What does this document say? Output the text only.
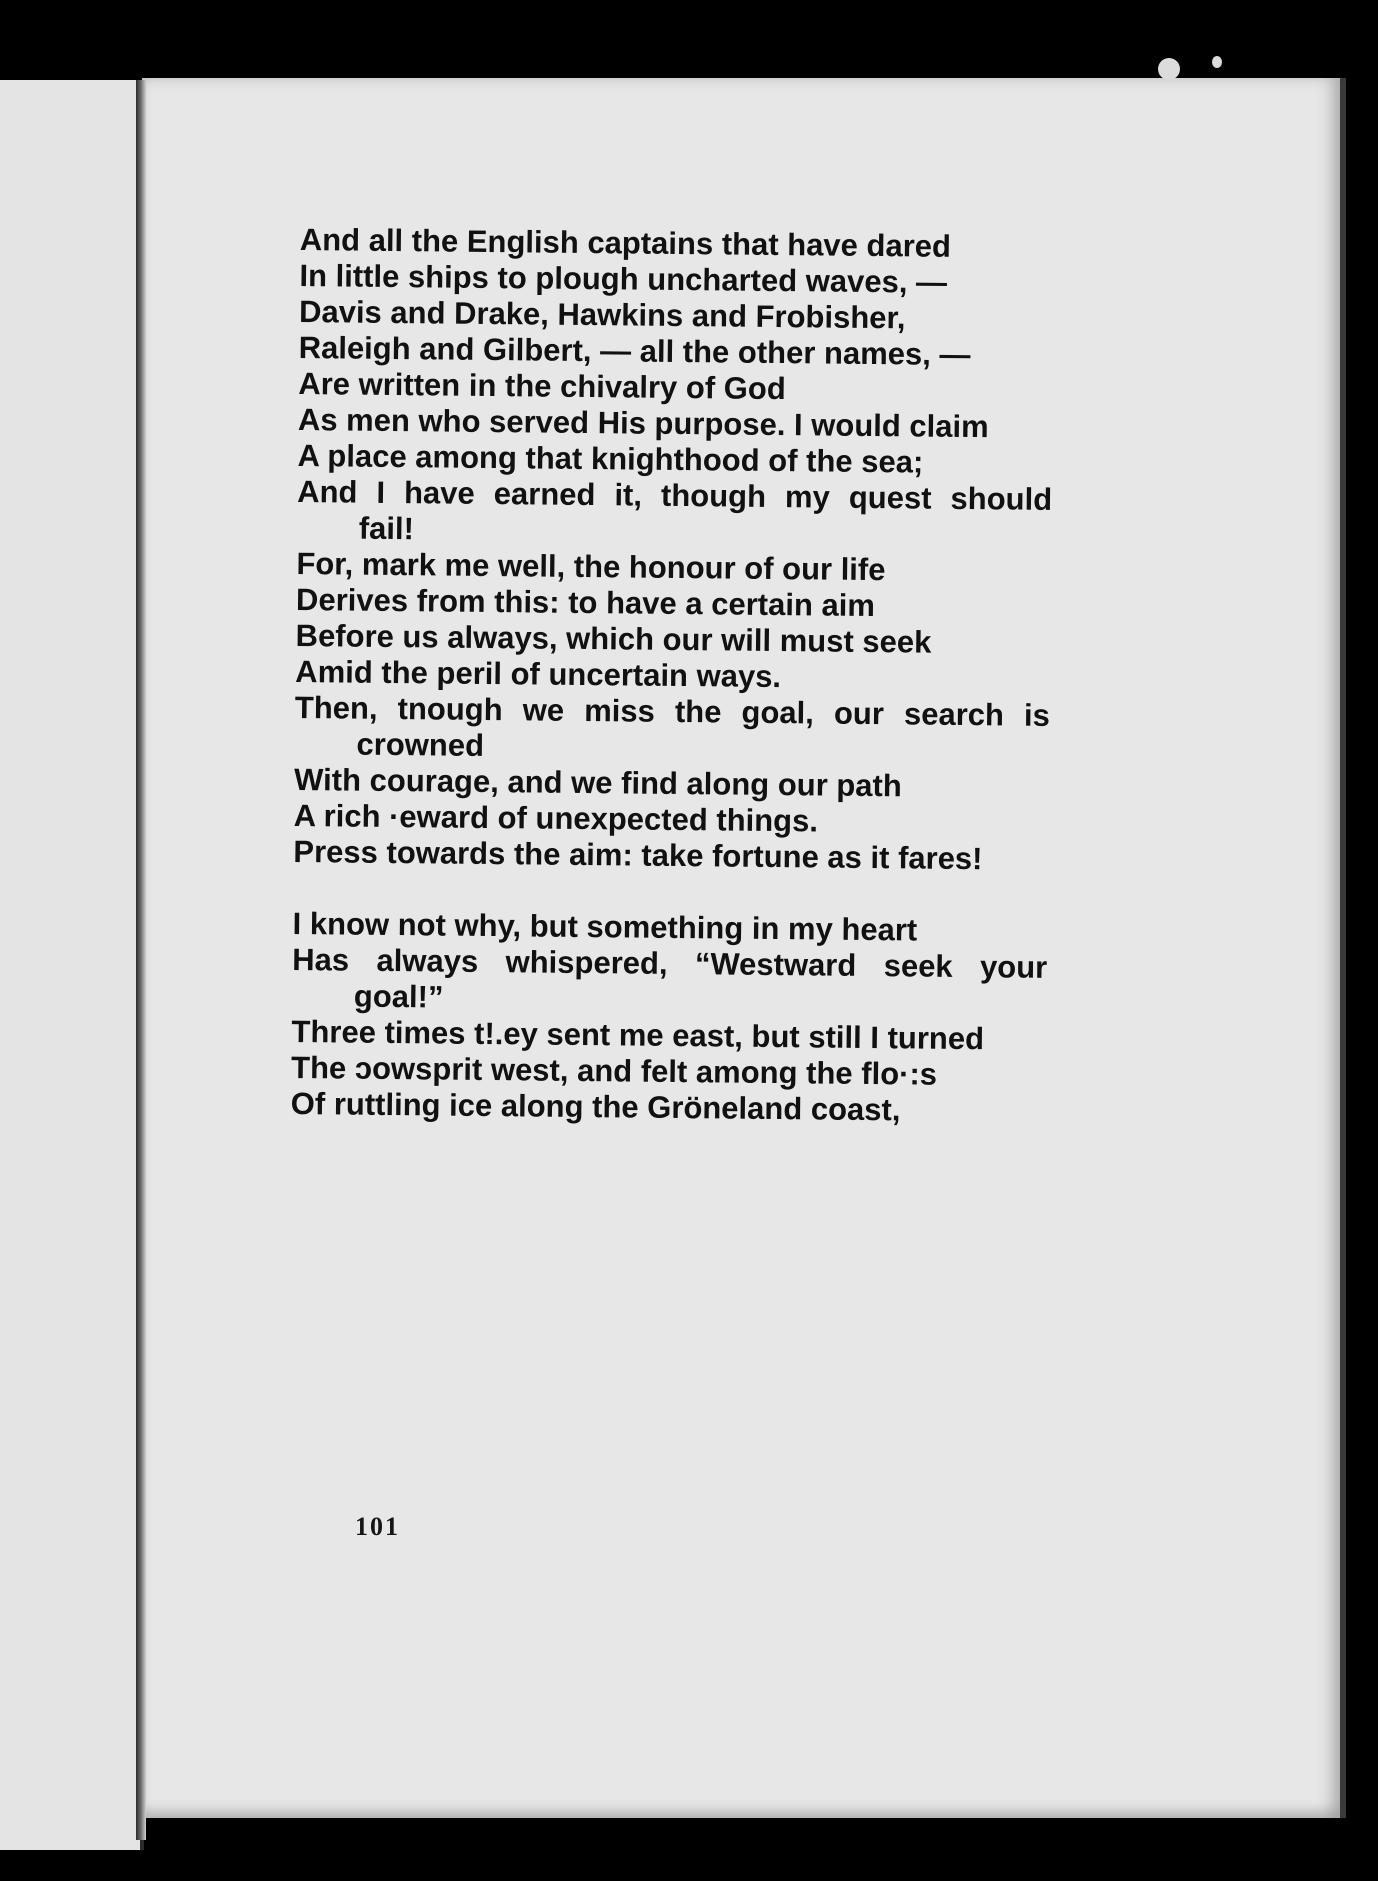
And all the English captains that have dared
In little ships to plough uncharted waves, —
Davis and Drake, Hawkins and Frobisher,
Raleigh and Gilbert, — all the other names, —
Are written in the chivalry of God
As men who served His purpose. I would claim
A place among that knighthood of the sea;
And I have earned it, though my quest should
fail!
For, mark me well, the honour of our life
Derives from this: to have a certain aim
Before us always, which our will must seek
Amid the peril of uncertain ways.
Then, tnough we miss the goal, our search is
crowned
With courage, and we find along our path
A rich ·eward of unexpected things.
Press towards the aim: take fortune as it fares!
I know not why, but something in my heart
Has always whispered, “Westward seek your
goal!”
Three times t!.ey sent me east, but still I turned
The ɔowsprit west, and felt among the flo·:s
Of ruttling ice along the Gröneland coast,
101
